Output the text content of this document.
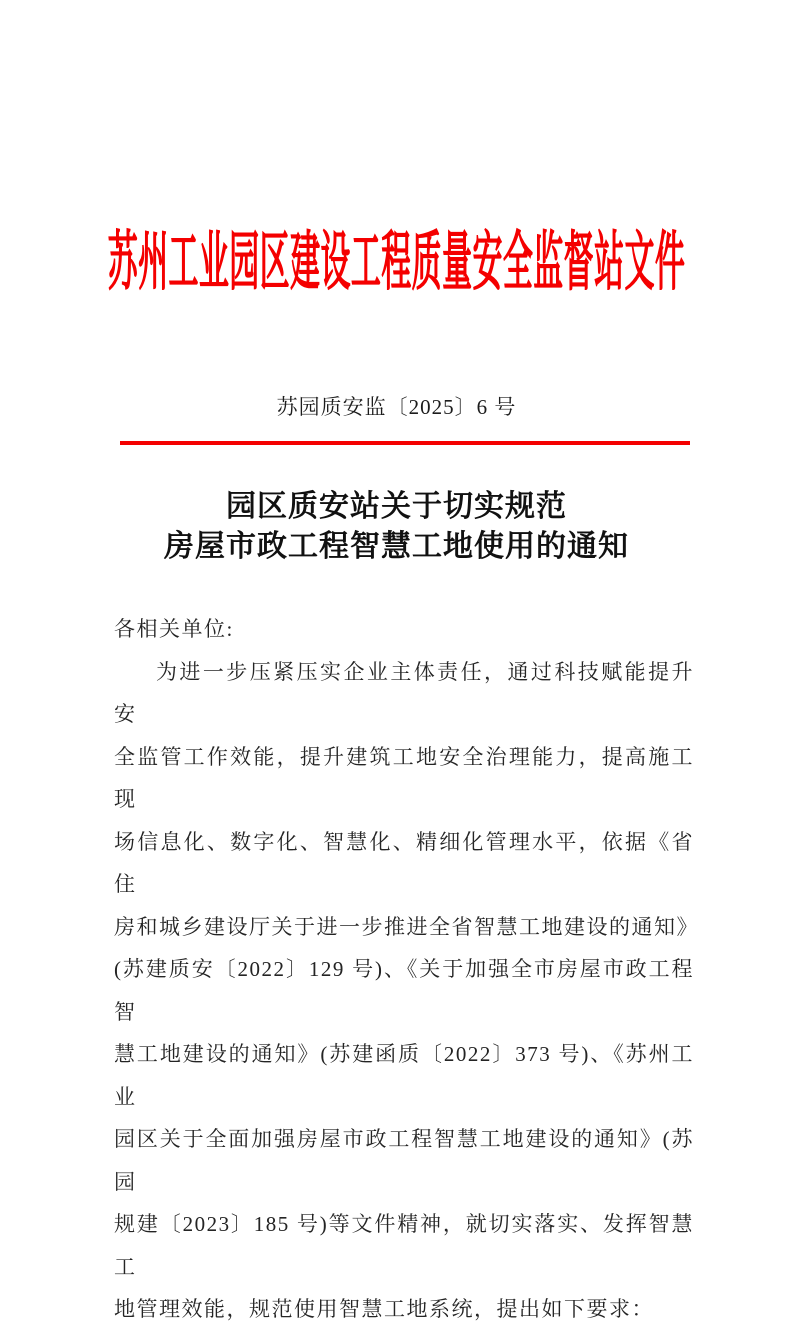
苏州工业园区建设工程质量安全监督站文件
苏园质安监〔2025〕6 号
园区质安站关于切实规范
房屋市政工程智慧工地使用的通知
各相关单位:
为进一步压紧压实企业主体责任，通过科技赋能提升安
全监管工作效能，提升建筑工地安全治理能力，提高施工现
场信息化、数字化、智慧化、精细化管理水平，依据《省住
房和城乡建设厅关于进一步推进全省智慧工地建设的通知》
(苏建质安〔2022〕129 号)、《关于加强全市房屋市政工程智
慧工地建设的通知》(苏建函质〔2022〕373 号)、《苏州工业
园区关于全面加强房屋市政工程智慧工地建设的通知》(苏园
规建〔2023〕185 号)等文件精神，就切实落实、发挥智慧工
地管理效能，规范使用智慧工地系统，提出如下要求：
